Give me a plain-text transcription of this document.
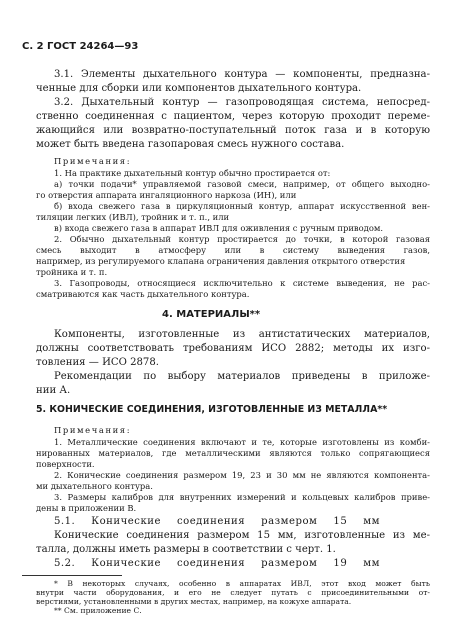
С. 2 ГОСТ 24264—93
3.1. Элементы дыхательного контура — компоненты, предназна-
ченные для сборки или компонентов дыхательного контура.
3.2. Дыхательный контур — газопроводящая система, непосред-
ственно соединенная с пациентом, через которую проходит переме-
жающийся или возвратно-поступательный поток газа и в которую
может быть введена газопаровая смесь нужного состава.
Примечания:
1. На практике дыхательный контур обычно простирается от:
а) точки подачи* управляемой газовой смеси, например, от общего выходно-
го отверстия аппарата ингаляционного наркоза (ИН), или
б) входа свежего газа в циркуляционный контур, аппарат искусственной вен-
тиляции легких (ИВЛ), тройник и т. п., или
в) входа свежего газа в аппарат ИВЛ для оживления с ручным приводом.
2. Обычно дыхательный контур простирается до точки, в которой газовая
смесь выходит в атмосферу или в систему выведения газов,
например, из регулируемого клапана ограничения давления открытого отверстия
тройника и т. п.
3. Газопроводы, относящиеся исключительно к системе выведения, не рас-
сматриваются как часть дыхательного контура.
4. МАТЕРИАЛЫ**
Компоненты, изготовленные из антистатических материалов,
должны соответствовать требованиям ИСО 2882; методы их изго-
товления — ИСО 2878.
Рекомендации по выбору материалов приведены в приложе-
нии А.
5. КОНИЧЕСКИЕ СОЕДИНЕНИЯ, ИЗГОТОВЛЕННЫЕ ИЗ МЕТАЛЛА**
Примечания:
1. Металлические соединения включают и те, которые изготовлены из комби-
нированных материалов, где металлическими являются только сопрягающиеся
поверхности.
2. Конические соединения размером 19, 23 и 30 мм не являются компонента-
ми дыхательного контура.
3. Размеры калибров для внутренних измерений и кольцевых калибров приве-
дены в приложении В.
5.1. Конические соединения размером 15 мм
Конические соединения размером 15 мм, изготовленные из ме-
талла, должны иметь размеры в соответствии с черт. 1.
5.2. Конические соединения размером 19 мм
* В некоторых случаях, особенно в аппаратах ИВЛ, этот вход может быть
внутри части оборудования, и его не следует путать с присоединительными от-
верстиями, установленными в других местах, например, на кожухе аппарата.
** См. приложение С.
